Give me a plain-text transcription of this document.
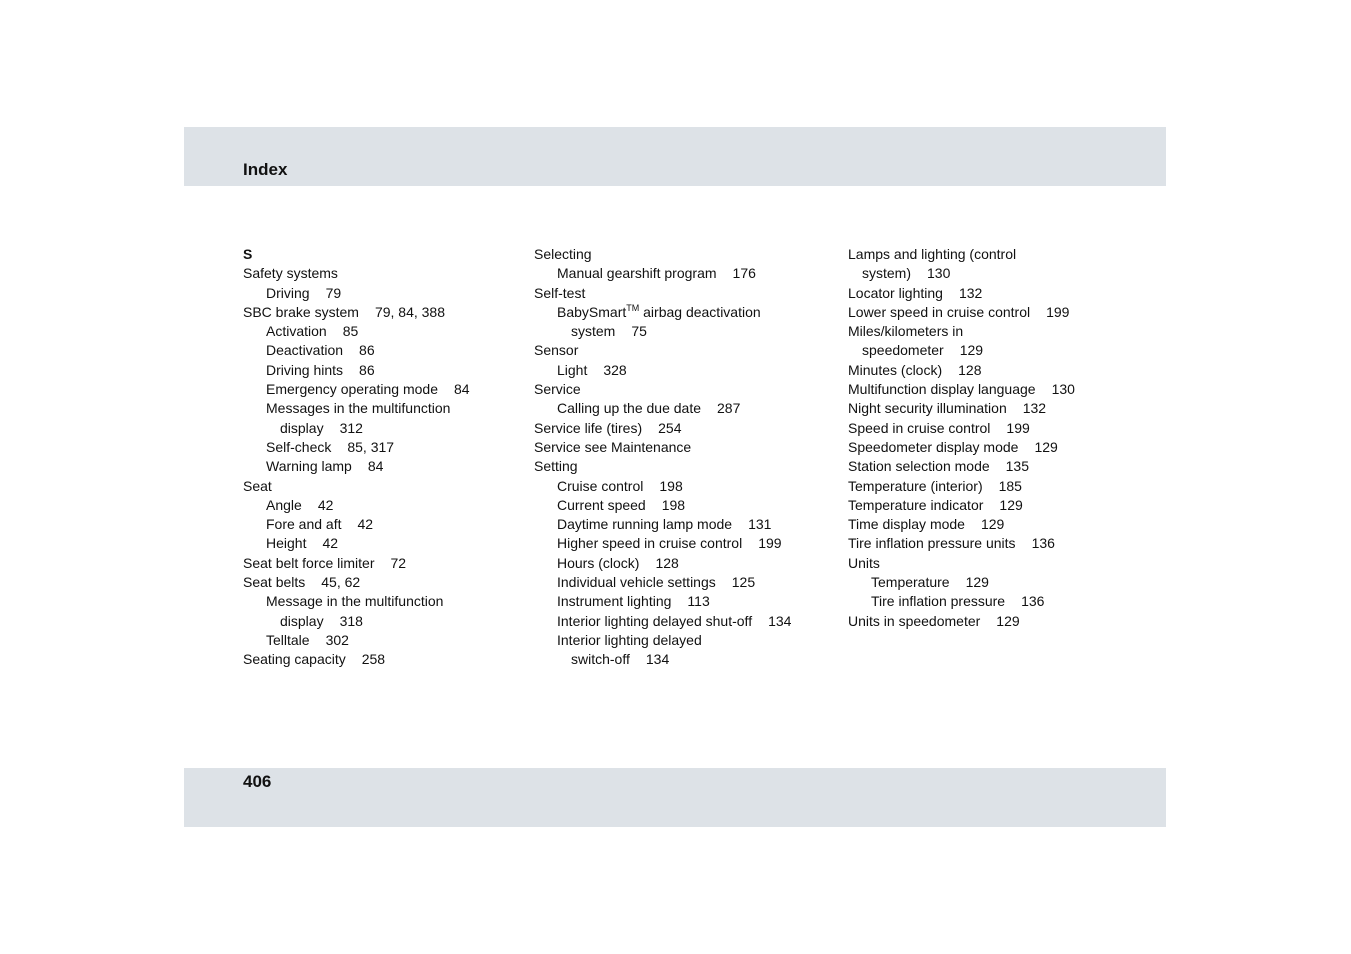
Index
S
Safety systems
Driving 79
SBC brake system 79, 84, 388
Activation 85
Deactivation 86
Driving hints 86
Emergency operating mode 84
Messages in the multifunction
display 312
Self-check 85, 317
Warning lamp 84
Seat
Angle 42
Fore and aft 42
Height 42
Seat belt force limiter 72
Seat belts 45, 62
Message in the multifunction
display 318
Telltale 302
Seating capacity 258
Selecting
Manual gearshift program 176
Self-test
BabySmart™ airbag deactivation
system 75
Sensor
Light 328
Service
Calling up the due date 287
Service life (tires) 254
Service see Maintenance
Setting
Cruise control 198
Current speed 198
Daytime running lamp mode 131
Higher speed in cruise control 199
Hours (clock) 128
Individual vehicle settings 125
Instrument lighting 113
Interior lighting delayed shut-off 134
Interior lighting delayed
switch-off 134
Lamps and lighting (control
system) 130
Locator lighting 132
Lower speed in cruise control 199
Miles/kilometers in
speedometer 129
Minutes (clock) 128
Multifunction display language 130
Night security illumination 132
Speed in cruise control 199
Speedometer display mode 129
Station selection mode 135
Temperature (interior) 185
Temperature indicator 129
Time display mode 129
Tire inflation pressure units 136
Units
Temperature 129
Tire inflation pressure 136
Units in speedometer 129
406
